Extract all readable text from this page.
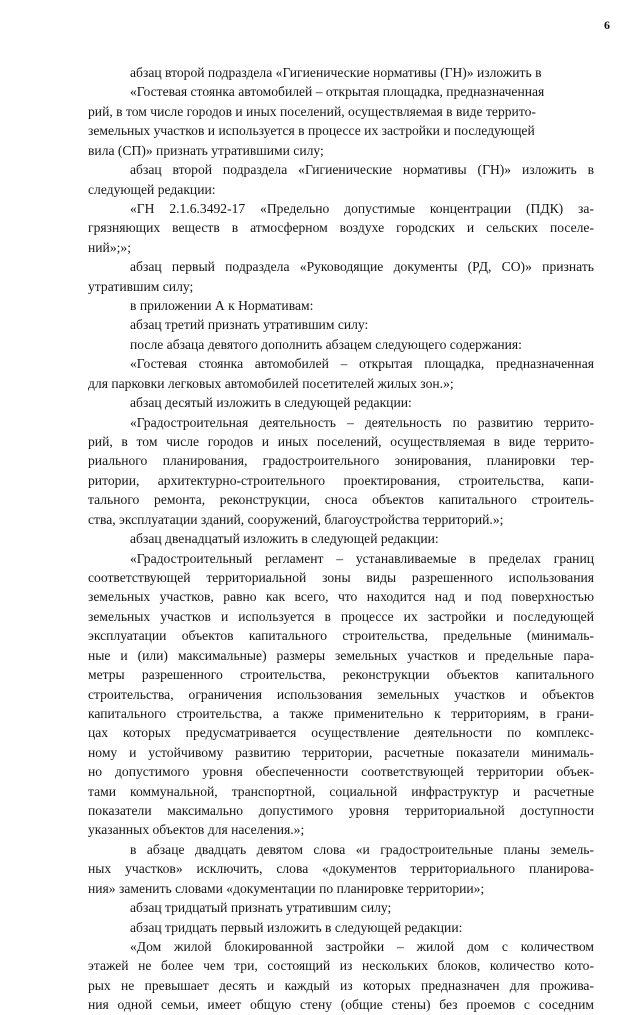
6
абзац второй подраздела «Гигиенические нормативы (ГН)» изложить в
«Гостевая стоянка автомобилей – открытая площадка, предназначенная
рий, в том числе городов и иных поселений, осуществляемая в виде террито-
земельных участков и используется в процессе их застройки и последующей
вила (СП)» признать утратившими силу;
абзац второй подраздела «Гигиенические нормативы (ГН)» изложить в
следующей редакции:
«ГН 2.1.6.3492-17 «Предельно допустимые концентрации (ПДК) за-
грязняющих веществ в атмосферном воздухе городских и сельских поселе-
ний»;»;
абзац первый подраздела «Руководящие документы (РД, СО)» признать
утратившим силу;
в приложении А к Нормативам:
абзац третий признать утратившим силу:
после абзаца девятого дополнить абзацем следующего содержания:
«Гостевая стоянка автомобилей – открытая площадка, предназначенная
для парковки легковых автомобилей посетителей жилых зон.»;
абзац десятый изложить в следующей редакции:
«Градостроительная деятельность – деятельность по развитию террито-
рий, в том числе городов и иных поселений, осуществляемая в виде террито-
риального планирования, градостроительного зонирования, планировки тер-
ритории, архитектурно-строительного проектирования, строительства, капи-
тального ремонта, реконструкции, сноса объектов капитального строитель-
ства, эксплуатации зданий, сооружений, благоустройства территорий.»;
абзац двенадцатый изложить в следующей редакции:
«Градостроительный регламент – устанавливаемые в пределах границ
соответствующей территориальной зоны виды разрешенного использования
земельных участков, равно как всего, что находится над и под поверхностью
земельных участков и используется в процессе их застройки и последующей
эксплуатации объектов капитального строительства, предельные (минималь-
ные и (или) максимальные) размеры земельных участков и предельные пара-
метры разрешенного строительства, реконструкции объектов капитального
строительства, ограничения использования земельных участков и объектов
капитального строительства, а также применительно к территориям, в грани-
цах которых предусматривается осуществление деятельности по комплекс-
ному и устойчивому развитию территории, расчетные показатели минималь-
но допустимого уровня обеспеченности соответствующей территории объек-
тами коммунальной, транспортной, социальной инфраструктур и расчетные
показатели максимально допустимого уровня территориальной доступности
указанных объектов для населения.»;
в абзаце двадцать девятом слова «и градостроительные планы земель-
ных участков» исключить, слова «документов территориального планирова-
ния» заменить словами «документации по планировке территории»;
абзац тридцатый признать утратившим силу;
абзац тридцать первый изложить в следующей редакции:
«Дом жилой блокированной застройки – жилой дом с количеством
этажей не более чем три, состоящий из нескольких блоков, количество кото-
рых не превышает десять и каждый из которых предназначен для прожива-
ния одной семьи, имеет общую стену (общие стены) без проемов с соседним
